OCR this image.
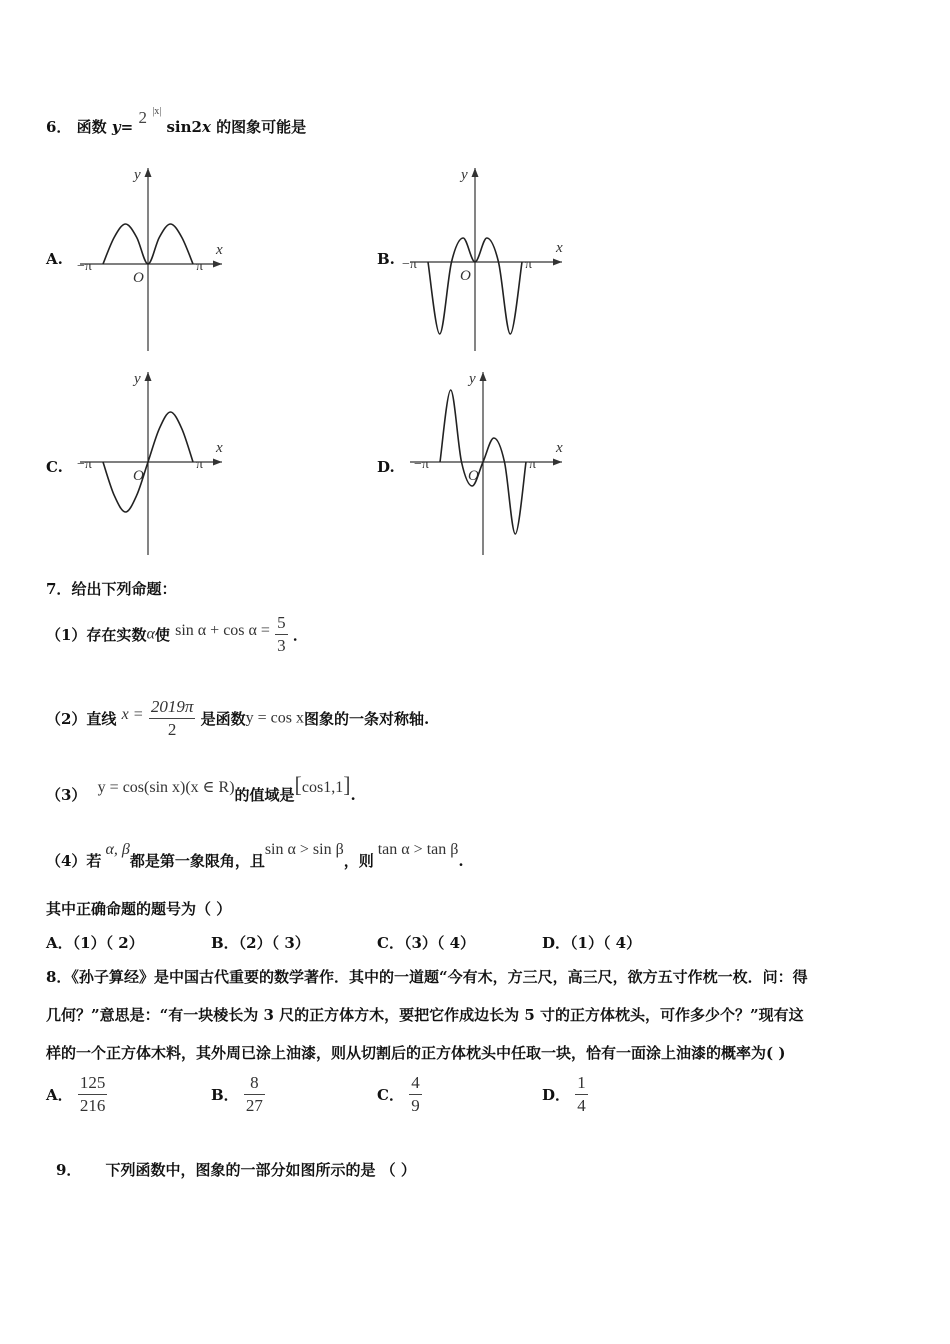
6． 函数 y= 2 $^{|x|}$ sin2x 的图象可能是
A.	B.
C.	D.
y
x
O
−π	π
y
x
O
−π	π
y
x
O
−π	π
y
x
O
−π	π
7．给出下列命题：
（1）存在实数α使 $\sin \alpha + \cos \alpha = \frac{5}{3}$ ．
（2）直线 $x = \frac{2019\pi}{2}$ 是函数y = cos x图象的一条对称轴.
（3） y = cos(sin x)(x ∈ R)的值域是[cos1,1].
（4）若α, β都是第一象限角，且sin α > sin β，则tan α > tan β.
其中正确命题的题号为（ ）
A．（1）（ 2）	B．（2）（ 3）	C．（3）（ 4）	D．（1）（ 4）
8．《孙子算经》是中国古代重要的数学著作．其中的一道题“今有木，方三尺，高三尺，欲方五寸作枕一枚．问：得
几何？”意思是：“有一块棱长为 3 尺的正方体方木，要把它作成边长为 5 寸的正方体枕头，可作多少个？”现有这
样的一个正方体木料，其外周已涂上油漆，则从切割后的正方体枕头中任取一块，恰有一面涂上油漆的概率为( )
A． $\frac{125}{216}$	B． $\frac{8}{27}$	C． $\frac{4}{9}$	D． $\frac{1}{4}$
9． 下列函数中，图象的一部分如图所示的是 （ ）
